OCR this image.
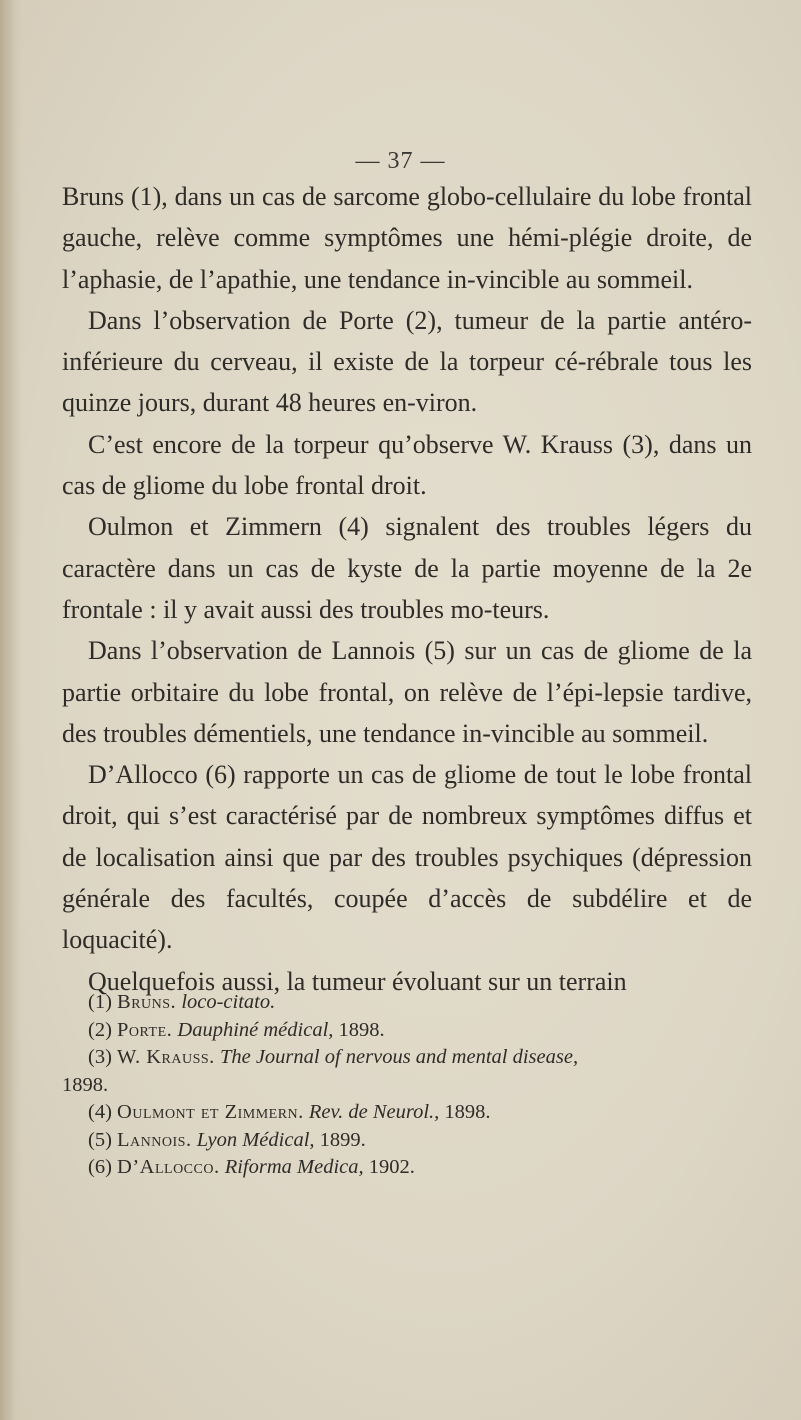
— 37 —

Bruns (1), dans un cas de sarcome globo-cellulaire du lobe frontal gauche, relève comme symptômes une hémi-plégie droite, de l’aphasie, de l’apathie, une tendance in-vincible au sommeil.

Dans l’observation de Porte (2), tumeur de la partie antéro-inférieure du cerveau, il existe de la torpeur cé-rébrale tous les quinze jours, durant 48 heures en-viron.

C’est encore de la torpeur qu’observe W. Krauss (3), dans un cas de gliome du lobe frontal droit.

Oulmon et Zimmern (4) signalent des troubles légers du caractère dans un cas de kyste de la partie moyenne de la 2e frontale : il y avait aussi des troubles mo-teurs.

Dans l’observation de Lannois (5) sur un cas de gliome de la partie orbitaire du lobe frontal, on relève de l’épi-lepsie tardive, des troubles démentiels, une tendance in-vincible au sommeil.

D’Allocco (6) rapporte un cas de gliome de tout le lobe frontal droit, qui s’est caractérisé par de nombreux symptômes diffus et de localisation ainsi que par des troubles psychiques (dépression générale des facultés, coupée d’accès de subdélire et de loquacité).

Quelquefois aussi, la tumeur évoluant sur un terrain

(1) Bruns. loco-citato.

(2) Porte. Dauphiné médical, 1898.

(3) W. Krauss. The Journal of nervous and mental disease,

1898.

(4) Oulmont et Zimmern. Rev. de Neurol., 1898.

(5) Lannois. Lyon Médical, 1899.

(6) D’Allocco. Riforma Medica, 1902.
